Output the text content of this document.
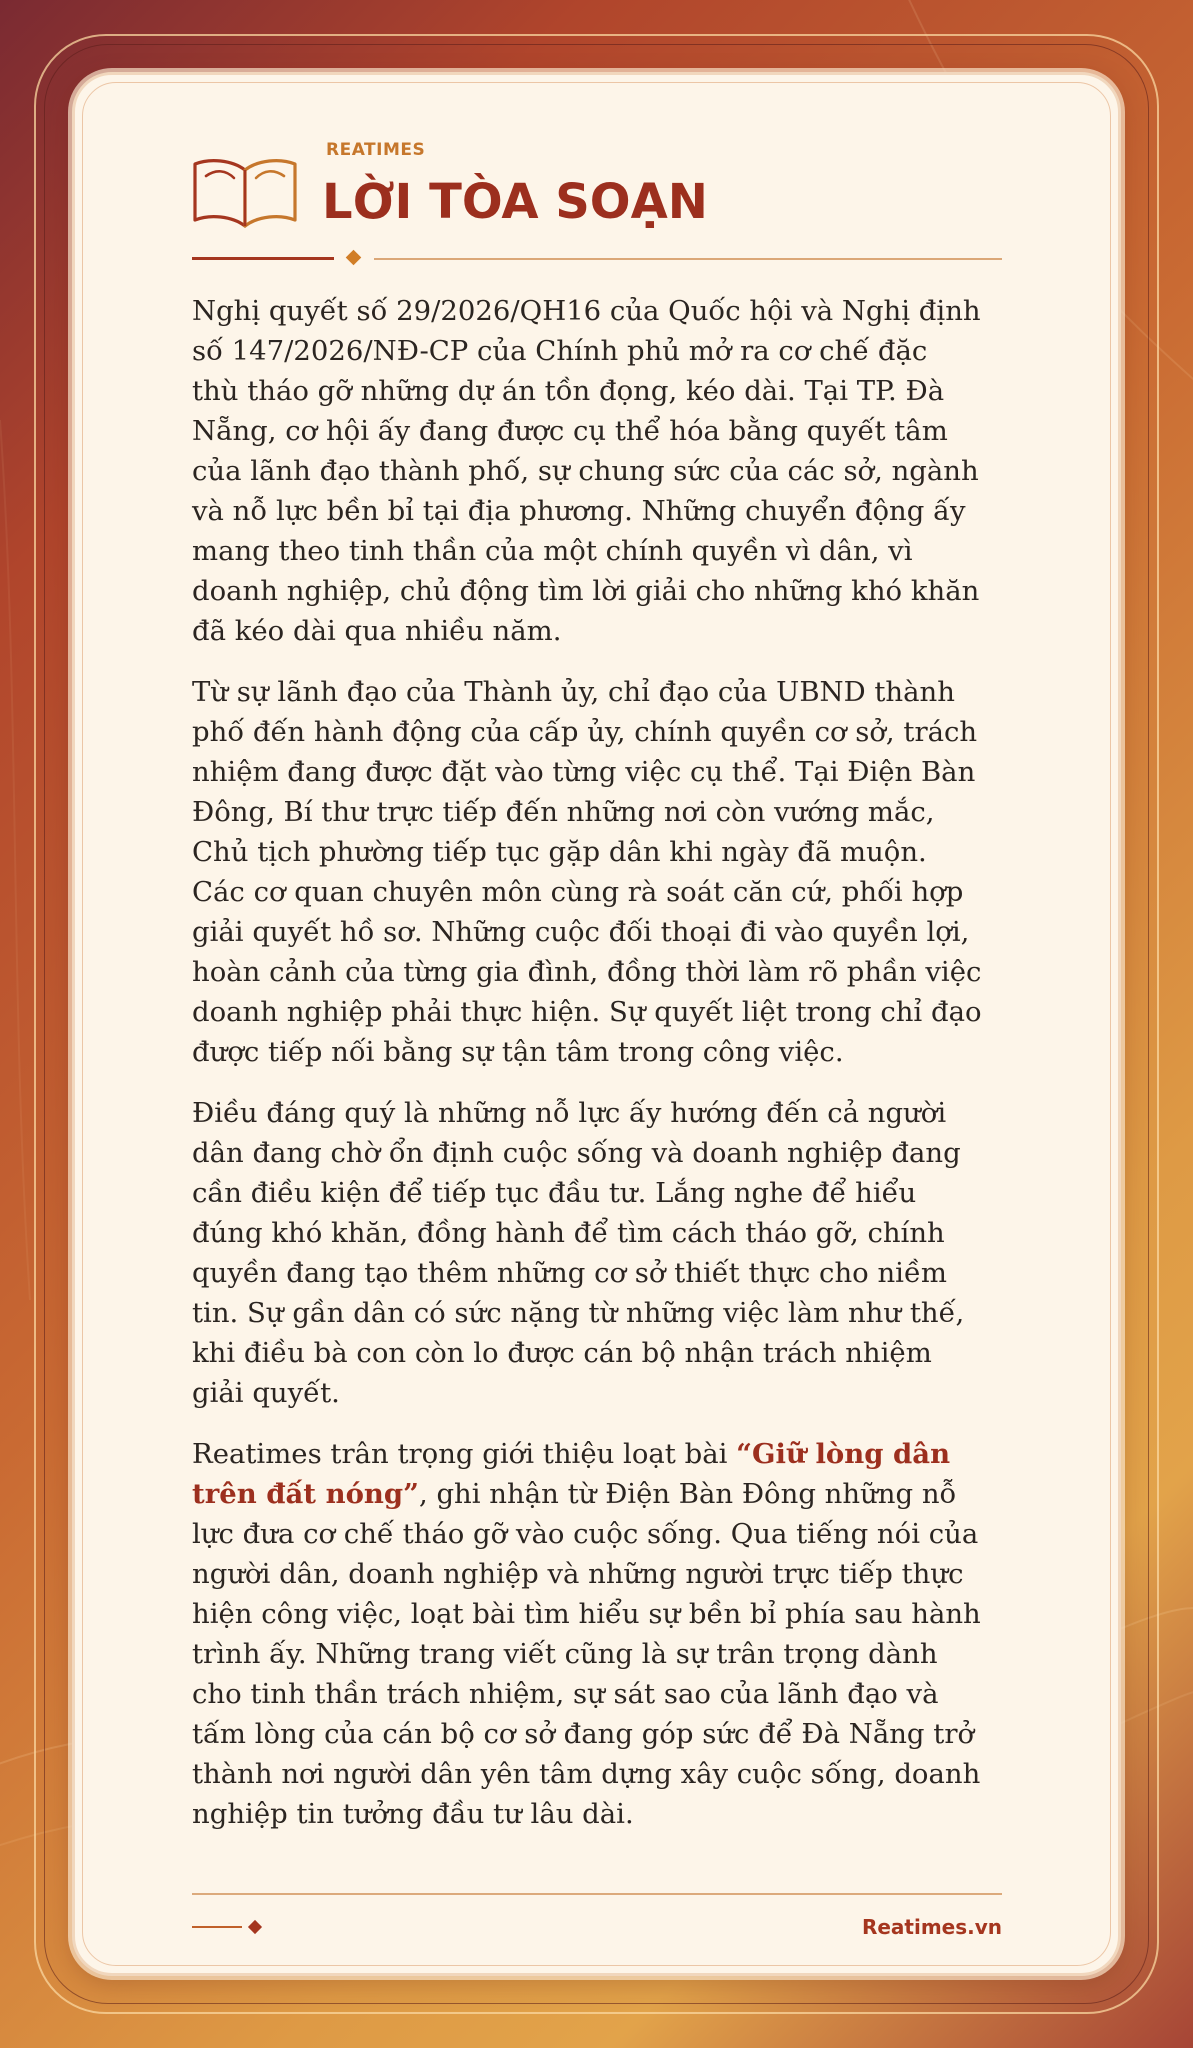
REATIMES
LỜI TÒA SOẠN

Nghị quyết số 29/2026/QH16 của Quốc hội và Nghị định
số 147/2026/NĐ-CP của Chính phủ mở ra cơ chế đặc
thù tháo gỡ những dự án tồn đọng, kéo dài. Tại TP. Đà
Nẵng, cơ hội ấy đang được cụ thể hóa bằng quyết tâm
của lãnh đạo thành phố, sự chung sức của các sở, ngành
và nỗ lực bền bỉ tại địa phương. Những chuyển động ấy
mang theo tinh thần của một chính quyền vì dân, vì
doanh nghiệp, chủ động tìm lời giải cho những khó khăn
đã kéo dài qua nhiều năm.

Từ sự lãnh đạo của Thành ủy, chỉ đạo của UBND thành
phố đến hành động của cấp ủy, chính quyền cơ sở, trách
nhiệm đang được đặt vào từng việc cụ thể. Tại Điện Bàn
Đông, Bí thư trực tiếp đến những nơi còn vướng mắc,
Chủ tịch phường tiếp tục gặp dân khi ngày đã muộn.
Các cơ quan chuyên môn cùng rà soát căn cứ, phối hợp
giải quyết hồ sơ. Những cuộc đối thoại đi vào quyền lợi,
hoàn cảnh của từng gia đình, đồng thời làm rõ phần việc
doanh nghiệp phải thực hiện. Sự quyết liệt trong chỉ đạo
được tiếp nối bằng sự tận tâm trong công việc.

Điều đáng quý là những nỗ lực ấy hướng đến cả người
dân đang chờ ổn định cuộc sống và doanh nghiệp đang
cần điều kiện để tiếp tục đầu tư. Lắng nghe để hiểu
đúng khó khăn, đồng hành để tìm cách tháo gỡ, chính
quyền đang tạo thêm những cơ sở thiết thực cho niềm
tin. Sự gần dân có sức nặng từ những việc làm như thế,
khi điều bà con còn lo được cán bộ nhận trách nhiệm
giải quyết.

Reatimes trân trọng giới thiệu loạt bài “Giữ lòng dân
trên đất nóng”, ghi nhận từ Điện Bàn Đông những nỗ
lực đưa cơ chế tháo gỡ vào cuộc sống. Qua tiếng nói của
người dân, doanh nghiệp và những người trực tiếp thực
hiện công việc, loạt bài tìm hiểu sự bền bỉ phía sau hành
trình ấy. Những trang viết cũng là sự trân trọng dành
cho tinh thần trách nhiệm, sự sát sao của lãnh đạo và
tấm lòng của cán bộ cơ sở đang góp sức để Đà Nẵng trở
thành nơi người dân yên tâm dựng xây cuộc sống, doanh
nghiệp tin tưởng đầu tư lâu dài.

Reatimes.vn
